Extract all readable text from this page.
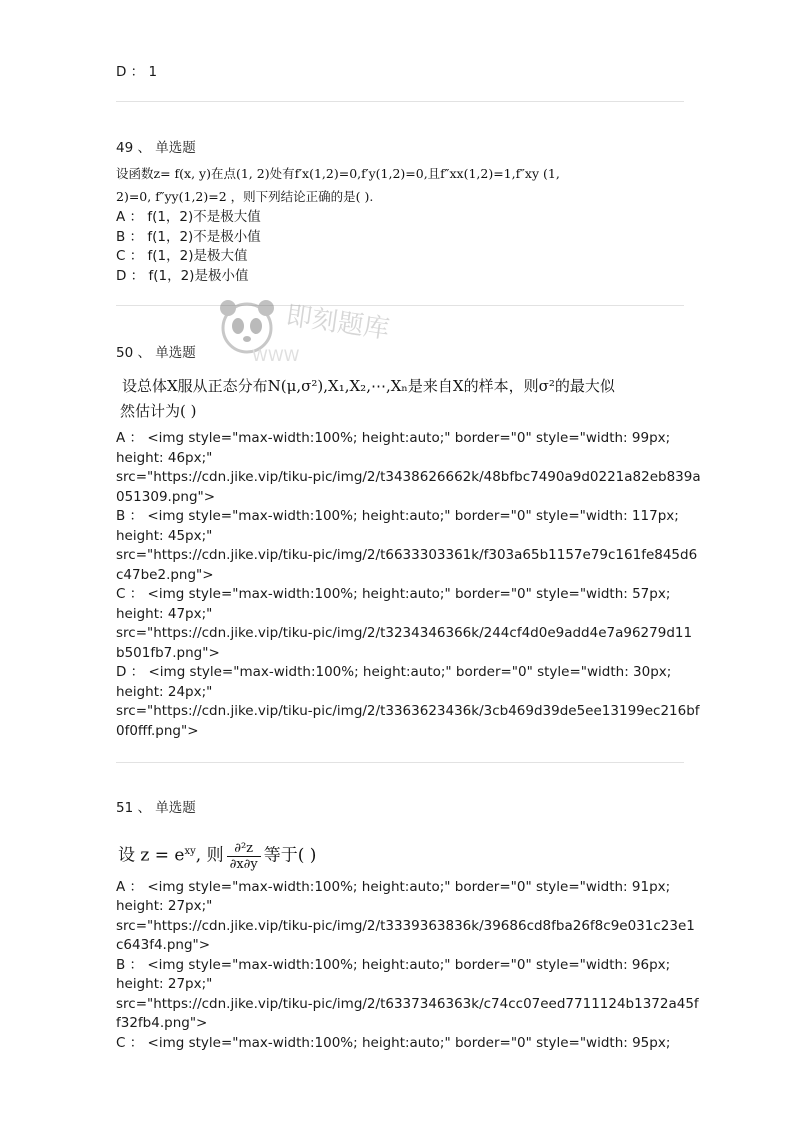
D ： 1
49 、 单选题
设函数z= f(x, y)在点(1, 2)处有f′x(1,2)=0,f′y(1,2)=0,且f″xx(1,2)=1,f″xy (1,
2)=0, f″yy(1,2)=2 ，则下列结论正确的是( ).
A ： f(1，2)不是极大值
B ： f(1，2)不是极小值
C ： f(1，2)是极大值
D ： f(1，2)是极小值
50 、 单选题
设总体X服从正态分布N(μ,σ²),X₁,X₂,⋯,Xₙ是来自X的样本，则σ²的最大似
然估计为( )
A ： <img style="max-width:100%; height:auto;" border="0" style="width: 99px;
height: 46px;"
src="https://cdn.jike.vip/tiku-pic/img/2/t3438626662k/48bfbc7490a9d0221a82eb839a
051309.png">
B ： <img style="max-width:100%; height:auto;" border="0" style="width: 117px;
height: 45px;"
src="https://cdn.jike.vip/tiku-pic/img/2/t6633303361k/f303a65b1157e79c161fe845d6
c47be2.png">
C ： <img style="max-width:100%; height:auto;" border="0" style="width: 57px;
height: 47px;"
src="https://cdn.jike.vip/tiku-pic/img/2/t3234346366k/244cf4d0e9add4e7a96279d11
b501fb7.png">
D ： <img style="max-width:100%; height:auto;" border="0" style="width: 30px;
height: 24px;"
src="https://cdn.jike.vip/tiku-pic/img/2/t3363623436k/3cb469d39de5ee13199ec216bf
0f0fff.png">
51 、 单选题
设 $z = e^{xy}$, 则 $\frac{\text{∂²z}}{\partial x\partial y}$ 等于( )
A ： <img style="max-width:100%; height:auto;" border="0" style="width: 91px;
height: 27px;"
src="https://cdn.jike.vip/tiku-pic/img/2/t3339363836k/39686cd8fba26f8c9e031c23e1
c643f4.png">
B ： <img style="max-width:100%; height:auto;" border="0" style="width: 96px;
height: 27px;"
src="https://cdn.jike.vip/tiku-pic/img/2/t6337346363k/c74cc07eed7711124b1372a45f
f32fb4.png">
C ： <img style="max-width:100%; height:auto;" border="0" style="width: 95px;
即刻题库
WWW
